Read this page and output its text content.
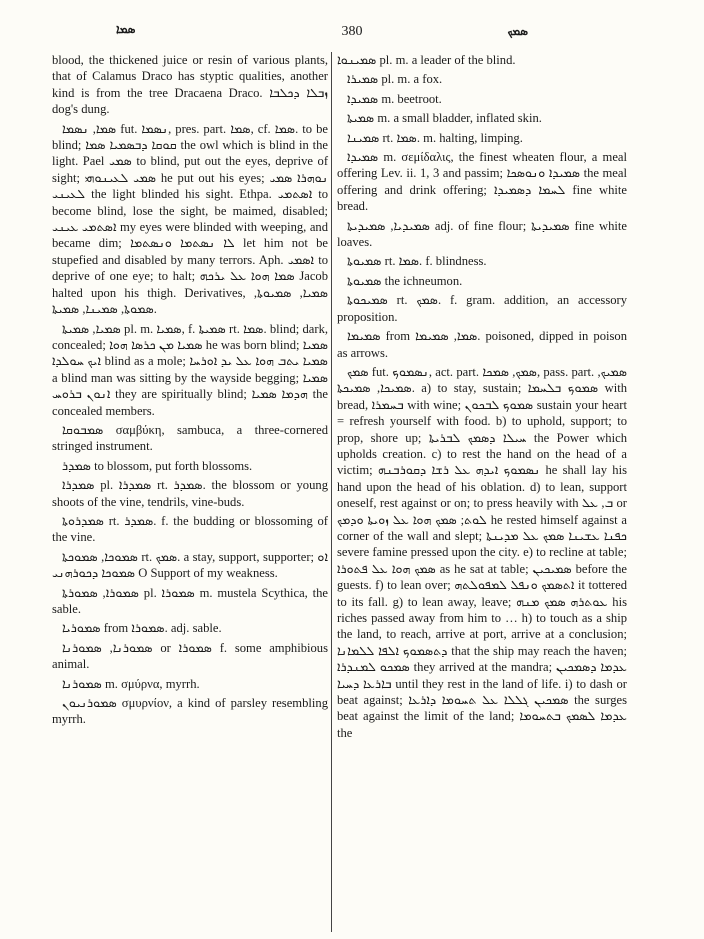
ܣܡܐ	380	ܣܡܟ

blood, the thickened juice or resin of various plants, that of Calamus Draco has styptic qualities, another kind is from the tree Dracaena Draco. ܙܒܠܐ ܕܟܠܒܐ dog's dung.

ܣܡܐ, ܢܣܡܐ fut. ܢܣܡܐ, pres. part. ܣܡܐ, cf. ܣܡܐ. to be blind; ܩܘܩܐ ܕܒܣܡܝܐ ܣܡܐ the owl which is blind in the light. Pael ܣܡܝ to blind, put out the eyes, deprive of sight; ܣܡܝ ܠܥܝܢܘܗܝ he put out his eyes; ܢܘܗܪܐ ܣܡܝ ܠܥܝܢܝ the light blinded his sight. Ethpa. ܐܣܬܡܝ to become blind, lose the sight, be maimed, disabled; ܐܣܬܡܝ ܥܝܢܝ my eyes were blinded with weeping, and became dim; ܠܐ ܢܣܬܡܐ ܘܢܣܬܡܐ let him not be stupefied and disabled by many terrors. Aph. ܐܣܡܝ to deprive of one eye; to halt; ܣܡܐ ܗܘܐ ܥܠ ܝܪܟܗ Jacob halted upon his thigh. Derivatives, ܣܡܝܐ, ܣܡܝܘܬܐ, ܣܡܘܬܐ, ܣܡܝܢܐ, ܣܡܝܬܐ.

ܣܡܝܐ, ܣܡܝܬܐ pl. m. ܣܡܝܐ, f. ܣܡܝܬܐ rt. ܣܡܐ. blind; dark, concealed; ܣܡܝܐ ܡܢ ܟܪܣܐ ܗܘܐ he was born blind; ܣܡܝܐ ܐܝܟ ܚܘܠܕܐ blind as a mole; ܣܡܝܐ ܝܬܒ ܗܘܐ ܥܠ ܝܕ ܐܘܪܚܐ a blind man was sitting by the wayside begging; ܣܡܝܐ ܐܢܘܢ ܒܪܘܚ they are spiritually blind; ܗܕܡܐ ܣܡܝܐ the concealed members.

ܣܡܒܘܩܐ σαμβύκη, sambuca, a three-cornered stringed instrument.

ܣܡܕܪ to blossom, put forth blossoms.

ܣܡܕܪܐ pl. ܣܡܕܪܐ rt. ܣܡܕܪ. the blossom or young shoots of the vine, tendrils, vine-buds.

ܣܡܕܪܘܬܐ rt. ܣܡܕܪ. f. the budding or blossoming of the vine.

ܣܡܘܟܐ, ܣܡܘܟܬܐ rt. ܣܡܟ. a stay, support, supporter; ܐܘ ܣܡܘܟܐ ܕܟܘܪܗܢܝ O Support of my weakness.

ܣܡܘܪܐ, ܣܡܘܪܬܐ pl. ܣܡܘܪܐ m. mustela Scythica, the sable.

ܣܡܘܪܝܐ from ܣܡܘܪܐ. adj. sable.

ܣܡܘܪܢܐ, ܣܡܘܪܢܐ or ܣܡܘܪܐ f. some amphibious animal.

ܣܡܘܪܢܐ m. σμύρνα, myrrh.

ܣܡܘܪܢܝܘܢ σμυρνίον, a kind of parsley resembling myrrh.

ܣܡܝܢܘܐ pl. m. a leader of the blind.

ܣܡܝܪܐ pl. m. a fox.

ܣܡܝܕܐ m. beetroot.

ܣܡܝܬܐ m. a small bladder, inflated skin.

ܣܡܝܢܐ rt. ܣܡܐ. m. halting, limping.

ܣܡܝܕܐ m. σεμίδαλις, the finest wheaten flour, a meal offering Lev. ii. 1, 3 and passim; ܣܡܝܕܐ ܘܢܘܣܟܐ the meal offering and drink offering; ܠܚܡܐ ܕܣܡܝܕܐ fine white bread.

ܣܡܝܕܝܐ, ܣܡܝܕܝܬܐ adj. of fine flour; ܣܡܝܕܝܬܐ fine white loaves.

ܣܡܝܘܬܐ rt. ܣܡܐ. f. blindness.

ܣܡܝܘܬܐ the ichneumon.

ܣܡܝܟܘܬܐ rt. ܣܡܟ. f. gram. addition, an accessory proposition.

ܣܡܝܡܐ from ܣܡܐ, ܣܡܝܡܐ. poisoned, dipped in poison as arrows.

ܣܡܟ fut. ܢܣܡܘܟ, act. part. ܣܡܟ, ܣܡܟܐ, pass. part. ܣܡܝܟ, ܣܡܝܟܐ, ܣܡܝܟܬܐ. a) to stay, sustain; ܣܡܘܟ ܒܠܚܡܐ with bread, ܒܚܡܪܐ with wine; ܣܡܘܟ ܠܒܟܘܢ sustain your heart = refresh yourself with food. b) to uphold, support; to prop, shore up; ܚܝܠܐ ܕܣܡܟ ܠܒܪܝܬܐ the Power which upholds creation. c) to rest the hand on the head of a victim; ܢܣܡܘܟ ܐܝܕܗ ܥܠ ܪܫܐ ܕܩܘܪܒܢܗ he shall lay his hand upon the head of his oblation. d) to lean, support oneself, rest against or on; to press heavily with ܒ, ܥܠ or ܠܘܬ; ܣܡܟ ܗܘܐ ܥܠ ܙܘܝܬܐ ܘܕܡܟ he rested himself against a corner of the wall and slept; ܟܦܢܐ ܥܫܝܢܐ ܣܡܟ ܥܠ ܡܕܝܢܬܐ severe famine pressed upon the city. e) to recline at table; ܣܡܟ ܗܘܐ ܥܠ ܦܬܘܪܐ as he sat at table; ܣܡܝܟܝܢ before the guests. f) to lean over; ܐܬܣܡܟ ܘܢܦܠ ܠܡܦܘܠܬܗ it tottered to its fall. g) to lean away, leave; ܥܘܬܪܗ ܣܡܟ ܡܢܗ his riches passed away from him to … h) to touch as a ship the land, to reach, arrive at port, arrive at a conclusion; ܕܬܣܡܘܟ ܐܠܦܐ ܠܠܡܐܢܐ that the ship may reach the haven; ܣܡܟܘ ܠܡܢܕܪܐ they arrived at the mandra; ܥܕܡܐ ܕܣܡܟܝܢ ܒܐܪܥܐ ܕܚܝܐ until they rest in the land of life. i) to dash or beat against; ܣܡܟܝܢ ܓܠܠܐ ܥܠ ܬܚܘܡܐ ܕܐܪܥܐ the surges beat against the limit of the land; ܥܕܡܐ ܠܣܡܟ ܒܬܚܘܡܐ the
